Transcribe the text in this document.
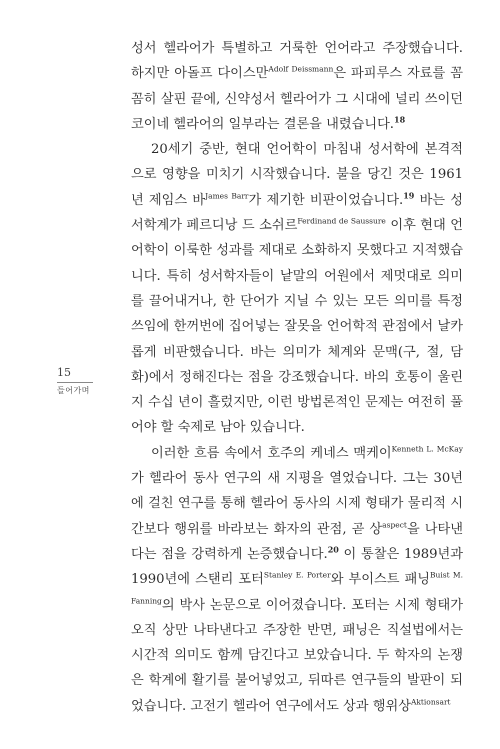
성서 헬라어가 특별하고 거룩한 언어라고 주장했습니다. 하지만 아돌프 다이스만$^{Adolf Deissmann}$은 파피루스 자료를 꼼꼼히 살핀 끝에, 신약성서 헬라어가 그 시대에 널리 쓰이던 코이네 헬라어의 일부라는 결론을 내렸습니다.$^{18}$

20세기 중반, 현대 언어학이 마침내 성서학에 본격적으로 영향을 미치기 시작했습니다. 불을 당긴 것은 1961년 제임스 바$^{James Barr}$가 제기한 비판이었습니다.$^{19}$ 바는 성서학계가 페르디낭 드 소쉬르$^{Ferdinand de Saussure}$ 이후 현대 언어학이 이룩한 성과를 제대로 소화하지 못했다고 지적했습니다. 특히 성서학자들이 낱말의 어원에서 제멋대로 의미를 끌어내거나, 한 단어가 지닐 수 있는 모든 의미를 특정 쓰임에 한꺼번에 집어넣는 잘못을 언어학적 관점에서 날카롭게 비판했습니다. 바는 의미가 체계와 문맥(구, 절, 담화)에서 정해진다는 점을 강조했습니다. 바의 호통이 울린 지 수십 년이 흘렀지만, 이런 방법론적인 문제는 여전히 풀어야 할 숙제로 남아 있습니다.

이러한 흐름 속에서 호주의 케네스 맥케이$^{Kenneth L. McKay}$가 헬라어 동사 연구의 새 지평을 열었습니다. 그는 30년에 걸친 연구를 통해 헬라어 동사의 시제 형태가 물리적 시간보다 행위를 바라보는 화자의 관점, 곧 상$^{aspect}$을 나타낸다는 점을 강력하게 논증했습니다.$^{20}$ 이 통찰은 1989년과 1990년에 스탠리 포터$^{Stanley E. Porter}$와 부이스트 패닝$^{Buist M. Fanning}$의 박사 논문으로 이어졌습니다. 포터는 시제 형태가 오직 상만 나타낸다고 주장한 반면, 패닝은 직설법에서는 시간적 의미도 함께 담긴다고 보았습니다. 두 학자의 논쟁은 학계에 활기를 불어넣었고, 뒤따른 연구들의 발판이 되었습니다. 고전기 헬라어 연구에서도 상과 행위상$^{Aktionsart}$

15
들어가며
